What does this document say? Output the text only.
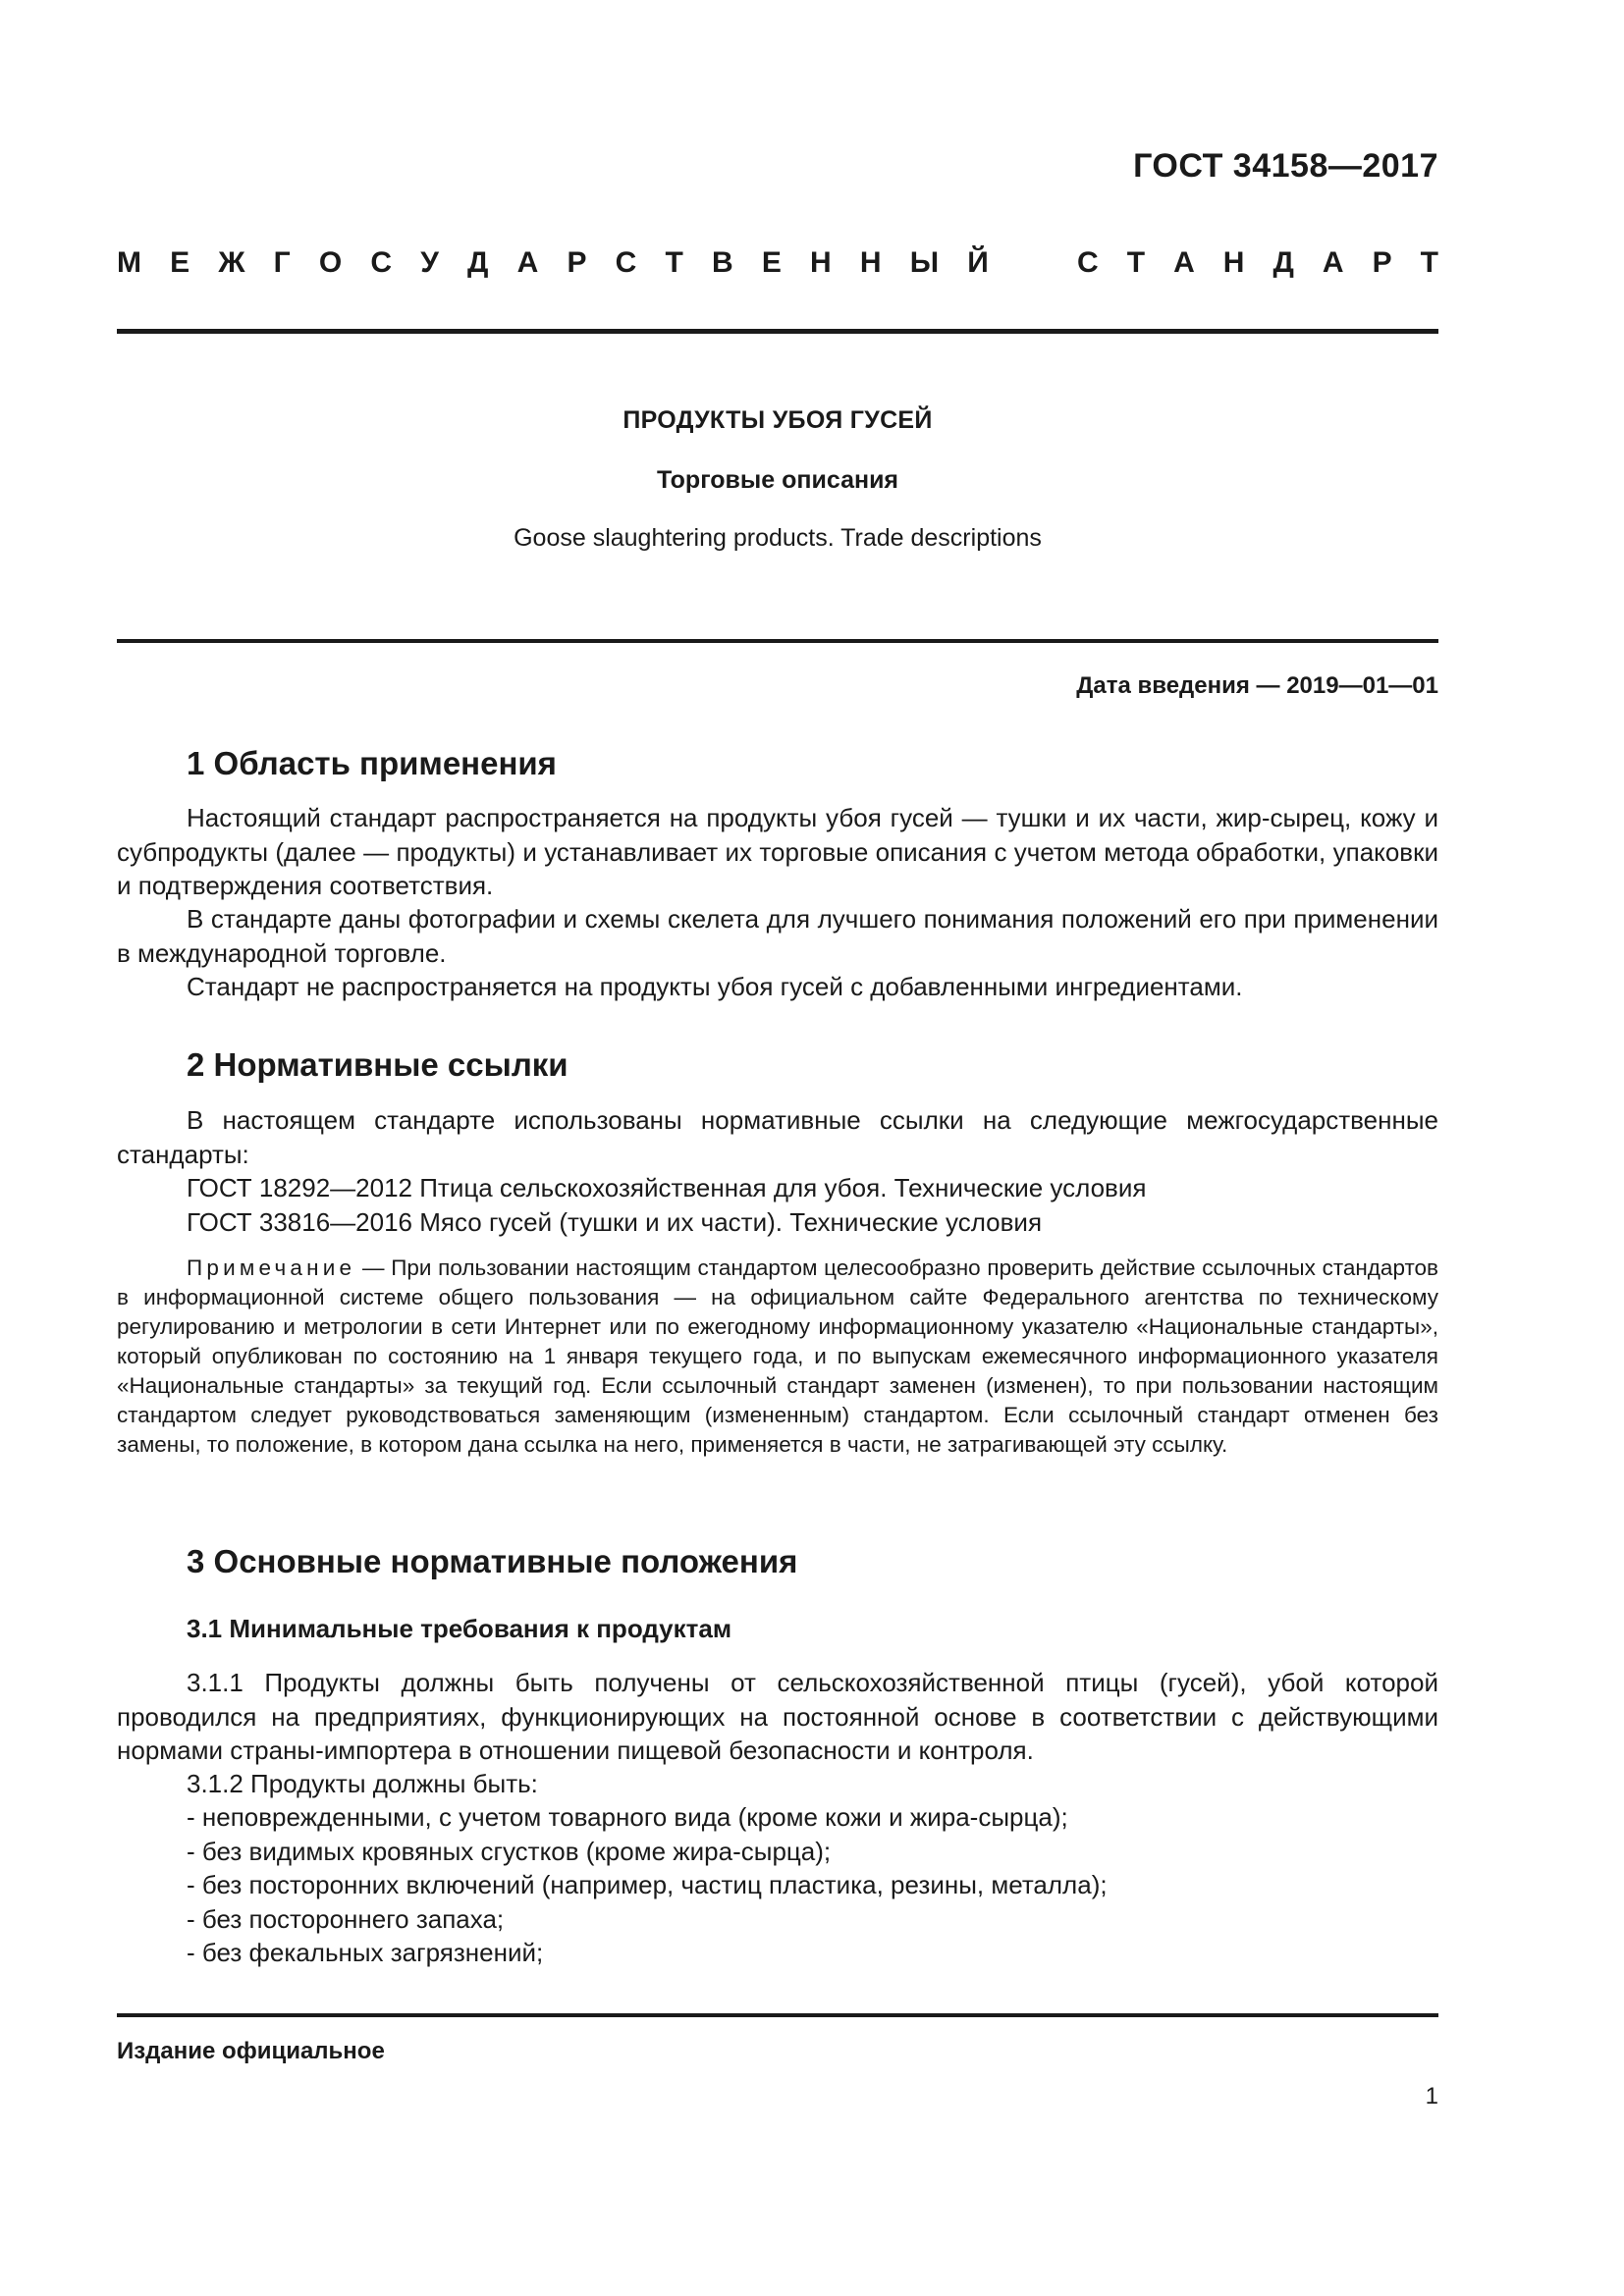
ГОСТ 34158—2017
М Е Ж Г О С У Д А Р С Т В Е Н Н Ы Й	С Т А Н Д А Р Т
ПРОДУКТЫ УБОЯ ГУСЕЙ
Торговые описания
Goose slaughtering products. Trade descriptions
Дата введения — 2019—01—01
1 Область применения

Настоящий стандарт распространяется на продукты убоя гусей — тушки и их части, жир-сырец, кожу и субпродукты (далее — продукты) и устанавливает их торговые описания с учетом метода обработки, упаковки и подтверждения соответствия.

В стандарте даны фотографии и схемы скелета для лучшего понимания положений его при применении в международной торговле.

Стандарт не распространяется на продукты убоя гусей с добавленными ингредиентами.

2 Нормативные ссылки

В настоящем стандарте использованы нормативные ссылки на следующие межгосударственные стандарты:

ГОСТ 18292—2012 Птица сельскохозяйственная для убоя. Технические условия
ГОСТ 33816—2016 Мясо гусей (тушки и их части). Технические условия

Примечание — При пользовании настоящим стандартом целесообразно проверить действие ссылочных стандартов в информационной системе общего пользования — на официальном сайте Федерального агентства по техническому регулированию и метрологии в сети Интернет или по ежегодному информационному указателю «Национальные стандарты», который опубликован по состоянию на 1 января текущего года, и по выпускам ежемесячного информационного указателя «Национальные стандарты» за текущий год. Если ссылочный стандарт заменен (изменен), то при пользовании настоящим стандартом следует руководствоваться заменяющим (измененным) стандартом. Если ссылочный стандарт отменен без замены, то положение, в котором дана ссылка на него, применяется в части, не затрагивающей эту ссылку.

3 Основные нормативные положения
3.1 Минимальные требования к продуктам

3.1.1 Продукты должны быть получены от сельскохозяйственной птицы (гусей), убой которой проводился на предприятиях, функционирующих на постоянной основе в соответствии с действующими нормами страны-импортера в отношении пищевой безопасности и контроля.

3.1.2 Продукты должны быть:
- неповрежденными, с учетом товарного вида (кроме кожи и жира-сырца);
- без видимых кровяных сгустков (кроме жира-сырца);
- без посторонних включений (например, частиц пластика, резины, металла);
- без постороннего запаха;
- без фекальных загрязнений;
Издание официальное
1
